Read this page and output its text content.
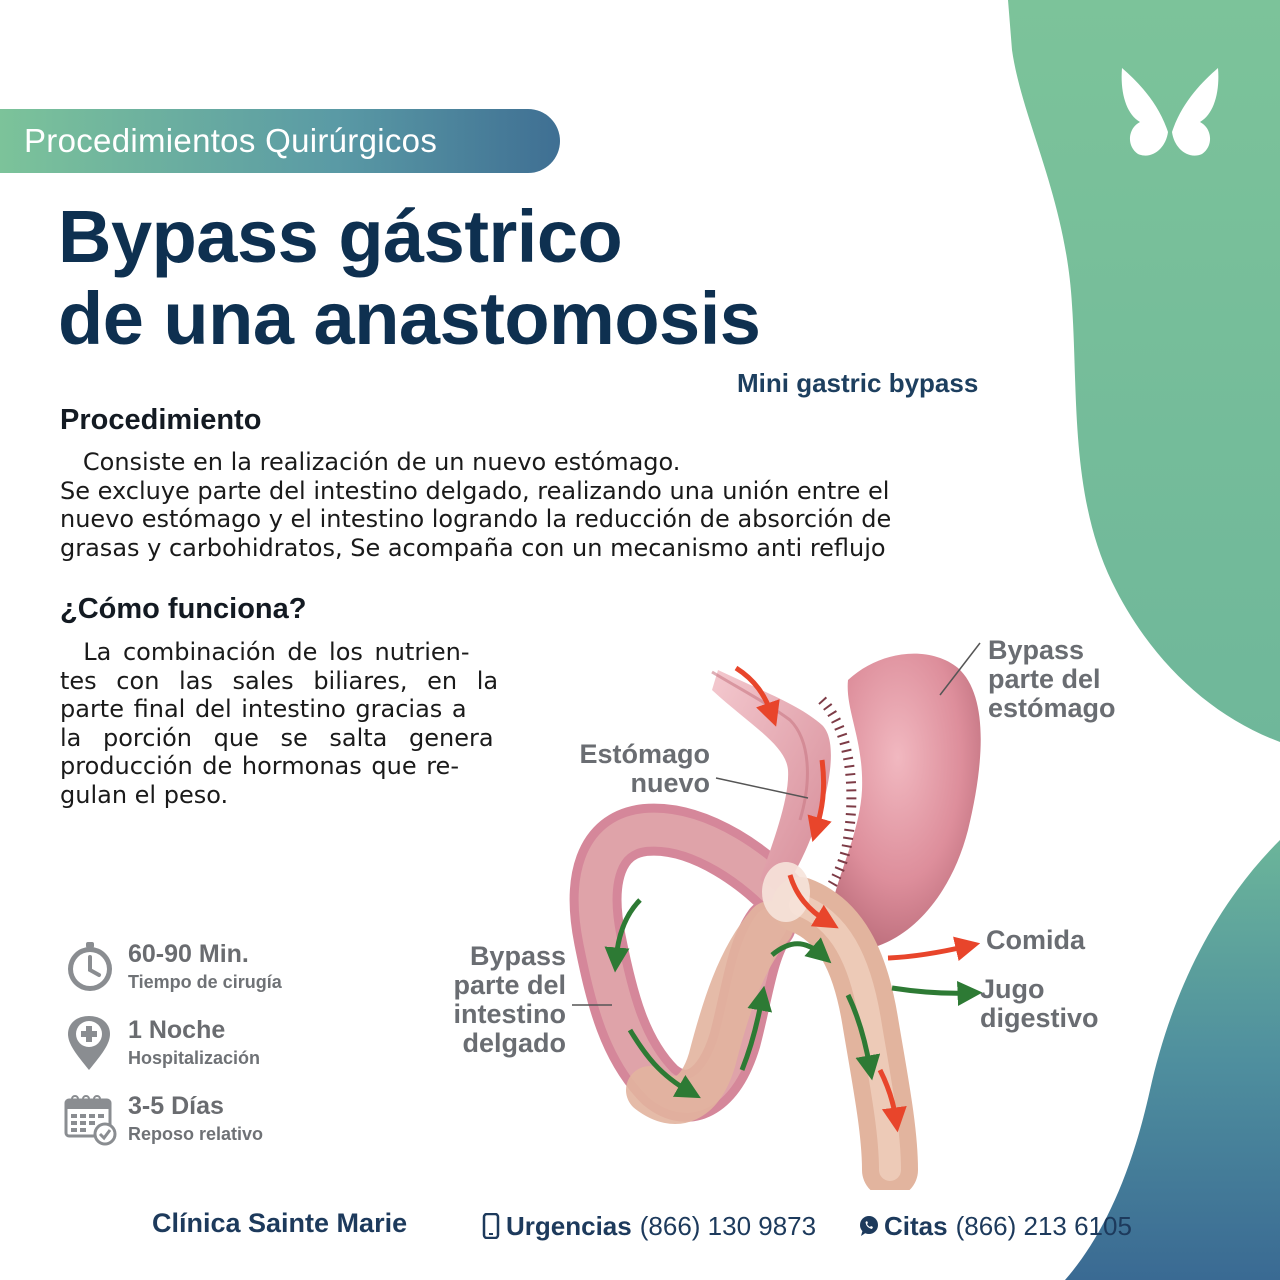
Procedimientos Quirúrgicos
Bypass gástrico
de una anastomosis
Mini gastric bypass
Procedimiento

Consiste en la realización de un nuevo estómago.
Se excluye parte del intestino delgado, realizando una unión entre el
nuevo estómago y el intestino logrando la reducción de absorción de
grasas y carbohidratos, Se acompaña con un mecanismo anti reflujo

¿Cómo funciona?

La combinación de los nutrien-
tes con las sales biliares, en la
parte final del intestino gracias a
la porción que se salta genera
producción de hormonas que re-
gulan el peso.

Bypass
parte del
estómago
Estómago
nuevo
Bypass
parte del
intestino
delgado
Comida
Jugo
digestivo
60-90 Min.
Tiempo de cirugía
1 Noche
Hospitalización
3-5 Días
Reposo relativo
Clínica Sainte Marie	Urgencias (866) 130 9873	Citas (866) 213 6105
